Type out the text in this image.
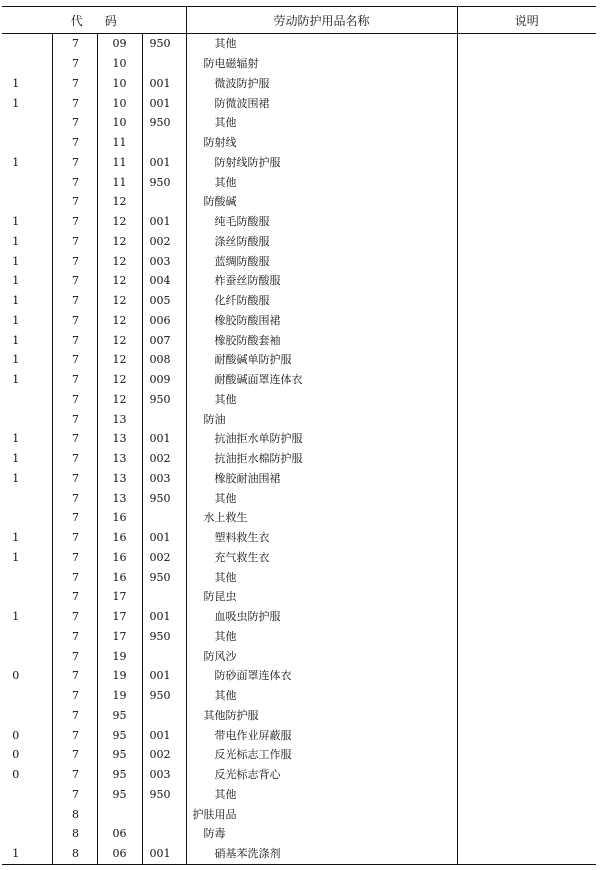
代码				劳动防护用品名称	说明
	7	09	950	其他	
	7	10		防电磁辐射	
1	7	10	001	微波防护服	
1	7	10	001	防微波围裙	
	7	10	950	其他	
	7	11		防射线	
1	7	11	001	防射线防护服	
	7	11	950	其他	
	7	12		防酸碱	
1	7	12	001	纯毛防酸服	
1	7	12	002	涤丝防酸服	
1	7	12	003	蓝绸防酸服	
1	7	12	004	柞蚕丝防酸服	
1	7	12	005	化纤防酸服	
1	7	12	006	橡胶防酸围裙	
1	7	12	007	橡胶防酸套袖	
1	7	12	008	耐酸碱单防护服	
1	7	12	009	耐酸碱面罩连体衣	
	7	12	950	其他	
	7	13		防油	
1	7	13	001	抗油拒水单防护服	
1	7	13	002	抗油拒水棉防护服	
1	7	13	003	橡胶耐油围裙	
	7	13	950	其他	
	7	16		水上救生	
1	7	16	001	塑料救生衣	
1	7	16	002	充气救生衣	
	7	16	950	其他	
	7	17		防昆虫	
1	7	17	001	血吸虫防护服	
	7	17	950	其他	
	7	19		防风沙	
0	7	19	001	防砂面罩连体衣	
	7	19	950	其他	
	7	95		其他防护服	
0	7	95	001	带电作业屏蔽服	
0	7	95	002	反光标志工作服	
0	7	95	003	反光标志背心	
	7	95	950	其他	
	8			护肤用品	
	8	06		防毒	
1	8	06	001	硝基苯洗涤剂	
